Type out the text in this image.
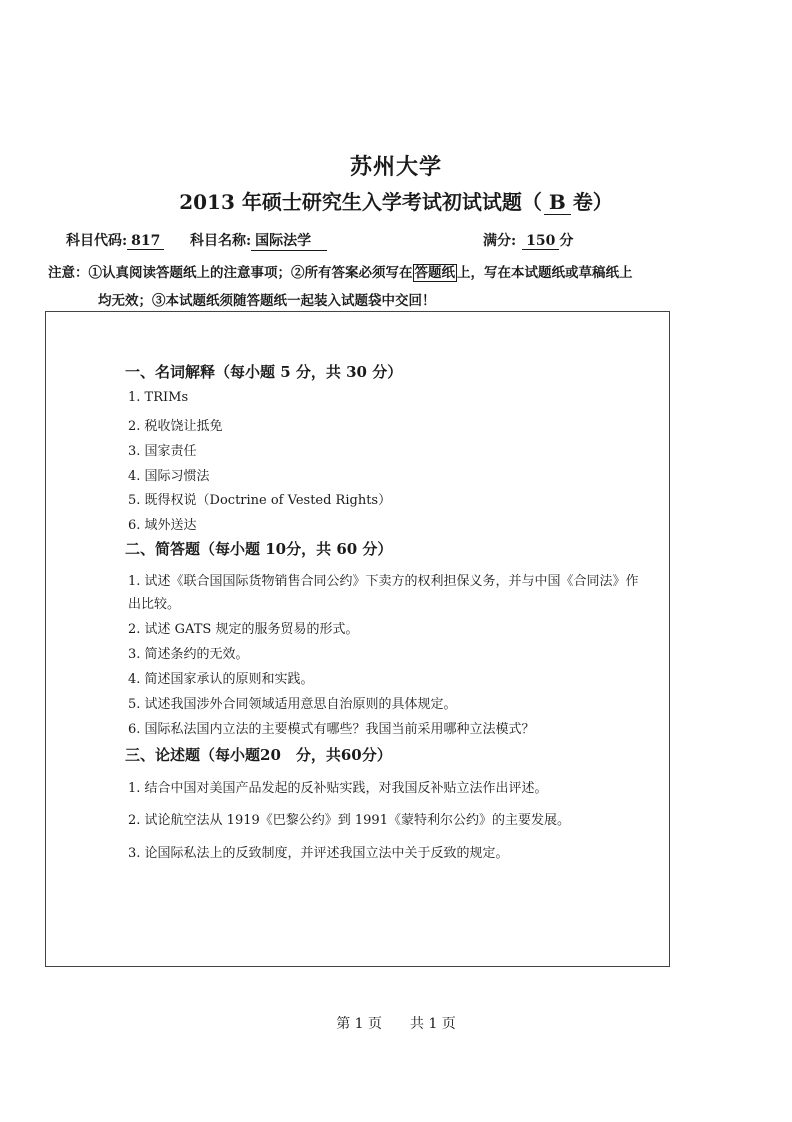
苏州大学
2013 年硕士研究生入学考试初试试题（ B 卷）
科目代码: 817 科目名称: 国际法学	满分: 150 分
注意：①认真阅读答题纸上的注意事项；②所有答案必须写在 答题纸 上，写在本试题纸或草稿纸上
均无效；③本试题纸须随答题纸一起装入试题袋中交回！
一、名词解释（每小题 5 分，共 30 分）
1. TRIMs
2. 税收饶让抵免
3. 国家责任
4. 国际习惯法
5. 既得权说（Doctrine of Vested Rights）
6. 域外送达
二、简答题（每小题 10分，共 60 分）
1. 试述《联合国国际货物销售合同公约》下卖方的权利担保义务，并与中国《合同法》作
出比较。
2. 试述 GATS 规定的服务贸易的形式。
3. 简述条约的无效。
4. 简述国家承认的原则和实践。
5. 试述我国涉外合同领域适用意思自治原则的具体规定。
6. 国际私法国内立法的主要模式有哪些？我国当前采用哪种立法模式？
三、论述题（每小题20　分，共60分）
1. 结合中国对美国产品发起的反补贴实践，对我国反补贴立法作出评述。
2. 试论航空法从 1919《巴黎公约》到 1991《蒙特利尔公约》的主要发展。
3. 论国际私法上的反致制度，并评述我国立法中关于反致的规定。
第 1 页　　共 1 页
